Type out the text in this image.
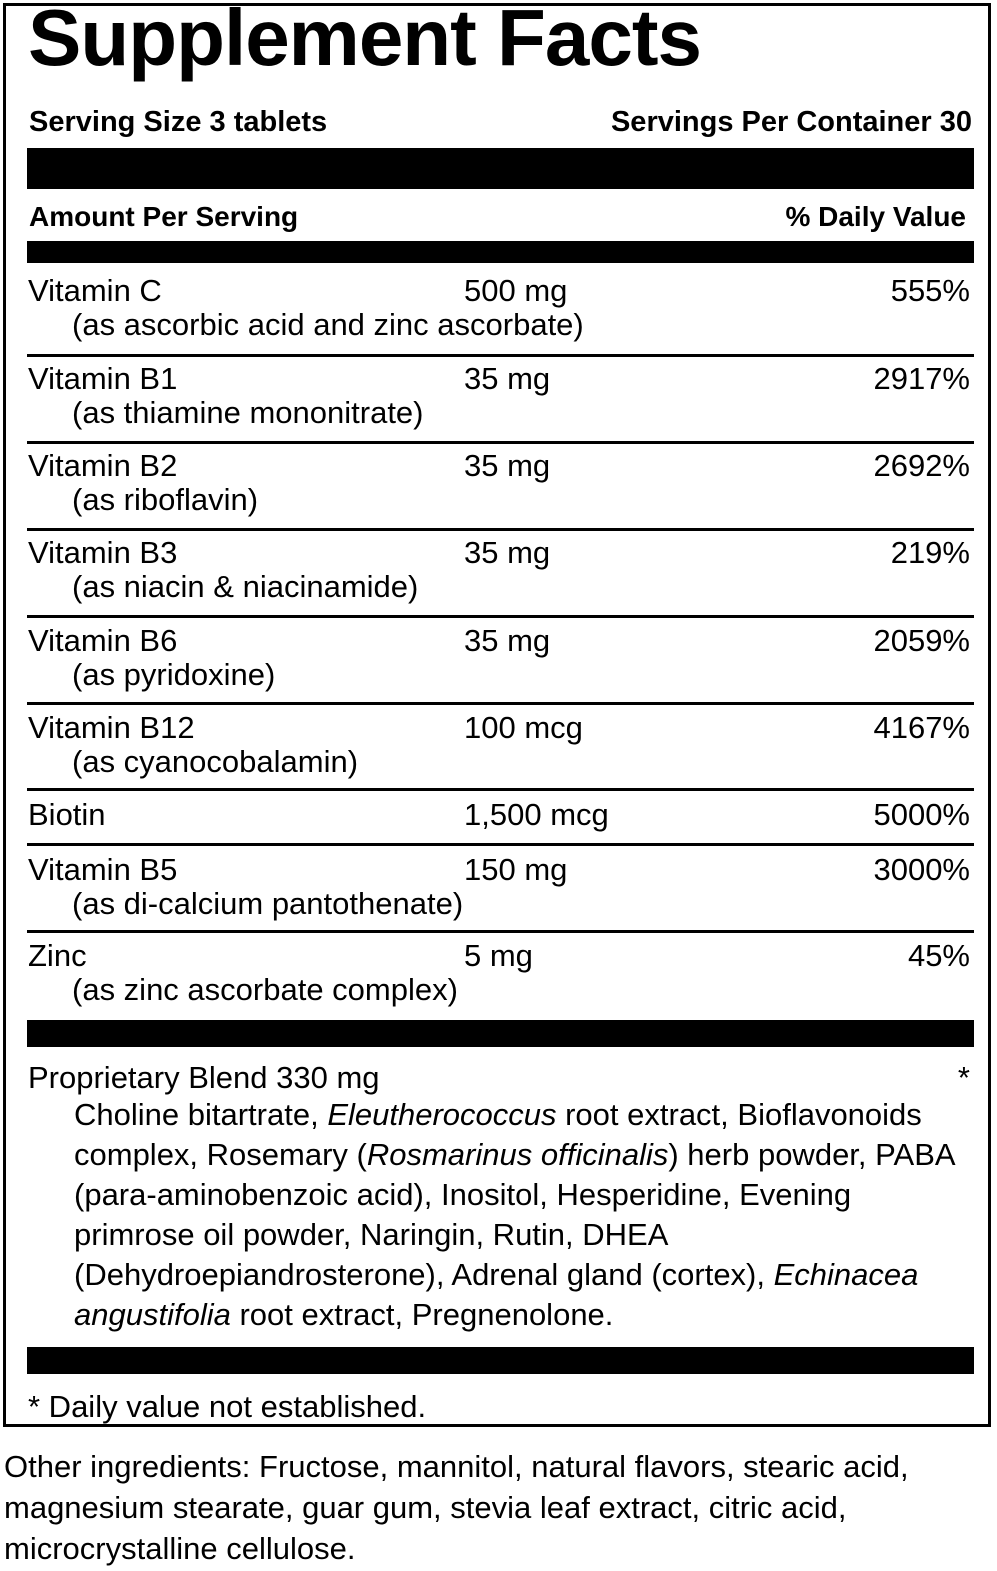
Supplement Facts
Serving Size 3 tablets	Servings Per Container 30
Amount Per Serving	% Daily Value
Vitamin C	500 mg	555%
(as ascorbic acid and zinc ascorbate)
Vitamin B1	35 mg	2917%
(as thiamine mononitrate)
Vitamin B2	35 mg	2692%
(as riboflavin)
Vitamin B3	35 mg	219%
(as niacin & niacinamide)
Vitamin B6	35 mg	2059%
(as pyridoxine)
Vitamin B12	100 mcg	4167%
(as cyanocobalamin)
Biotin	1,500 mcg	5000%
Vitamin B5	150 mg	3000%
(as di-calcium pantothenate)
Zinc	5 mg	45%
(as zinc ascorbate complex)
Proprietary Blend 330 mg	*
Choline bitartrate, Eleutherococcus root extract, Bioflavonoids complex, Rosemary (Rosmarinus officinalis) herb powder, PABA (para-aminobenzoic acid), Inositol, Hesperidine, Evening primrose oil powder, Naringin, Rutin, DHEA (Dehydroepiandrosterone), Adrenal gland (cortex), Echinacea angustifolia root extract, Pregnenolone.
* Daily value not established.
Other ingredients: Fructose, mannitol, natural flavors, stearic acid, magnesium stearate, guar gum, stevia leaf extract, citric acid, microcrystalline cellulose.
